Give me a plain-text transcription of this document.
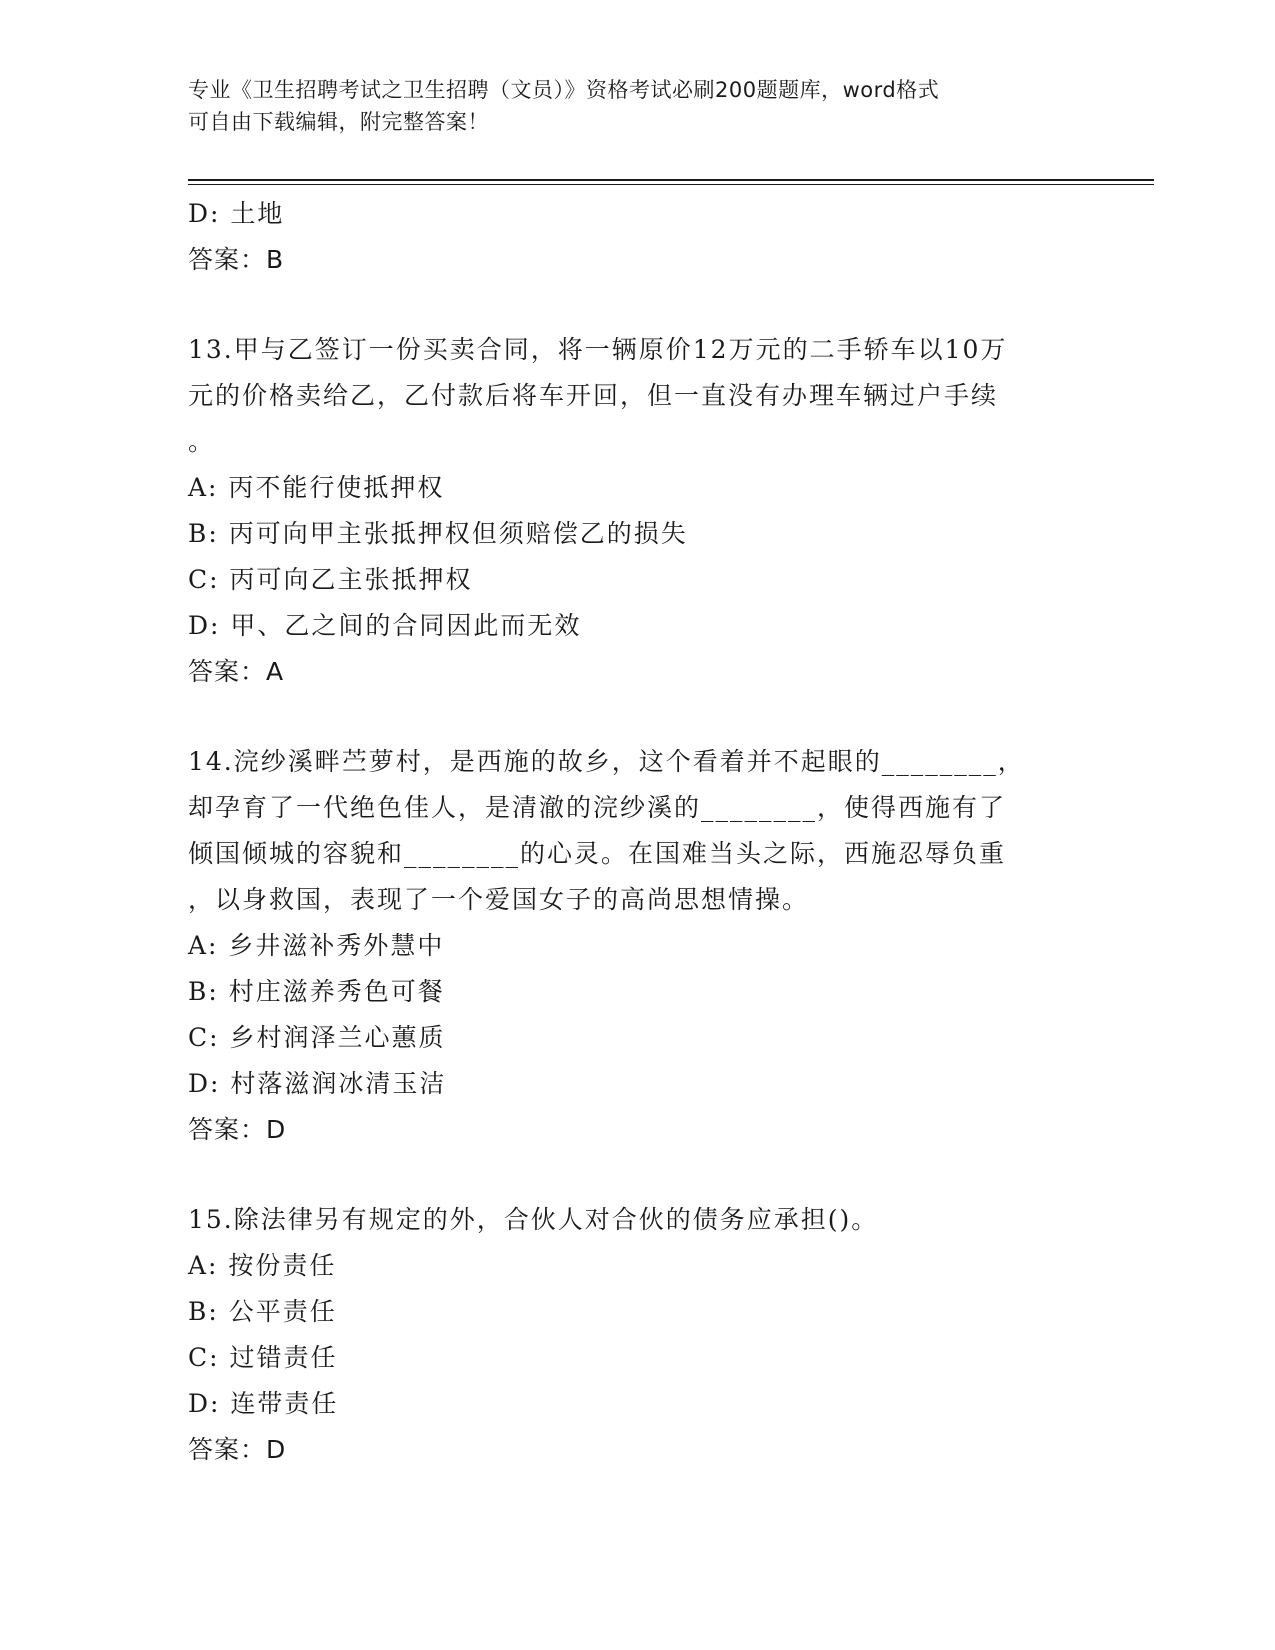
专业《卫生招聘考试之卫生招聘（文员）》资格考试必刷200题题库，word格式
可自由下载编辑，附完整答案！
D: 土地
答案：B
13.甲与乙签订一份买卖合同，将一辆原价12万元的二手轿车以10万
元的价格卖给乙，乙付款后将车开回，但一直没有办理车辆过户手续
。
A: 丙不能行使抵押权
B: 丙可向甲主张抵押权但须赔偿乙的损失
C: 丙可向乙主张抵押权
D: 甲、乙之间的合同因此而无效
答案：A
14.浣纱溪畔苎萝村，是西施的故乡，这个看着并不起眼的________，
却孕育了一代绝色佳人，是清澈的浣纱溪的________，使得西施有了
倾国倾城的容貌和________的心灵。在国难当头之际，西施忍辱负重
，以身救国，表现了一个爱国女子的高尚思想情操。
A: 乡井滋补秀外慧中
B: 村庄滋养秀色可餐
C: 乡村润泽兰心蕙质
D: 村落滋润冰清玉洁
答案：D
15.除法律另有规定的外，合伙人对合伙的债务应承担()。
A: 按份责任
B: 公平责任
C: 过错责任
D: 连带责任
答案：D
